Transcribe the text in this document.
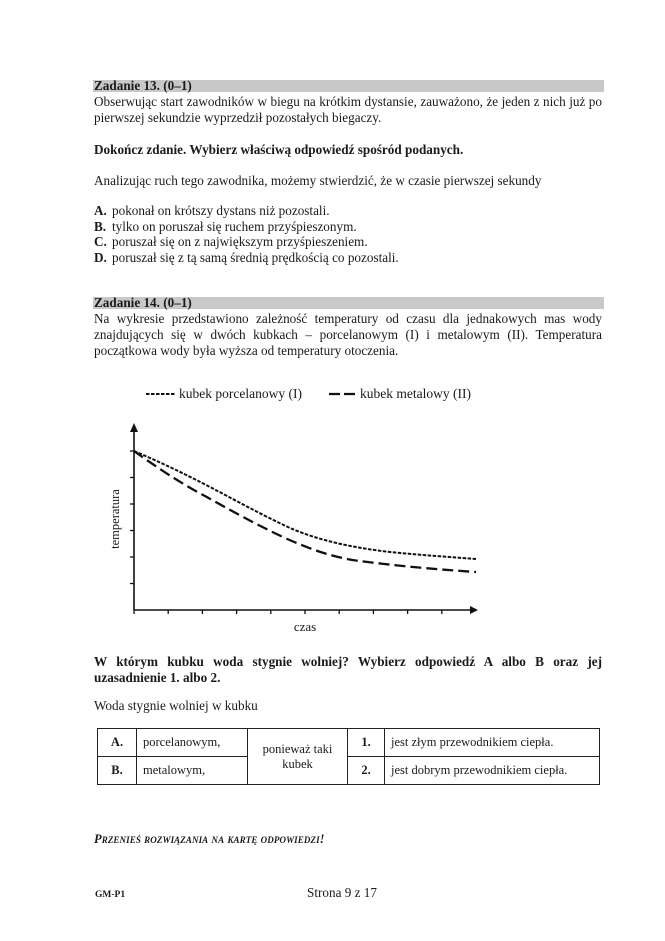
Zadanie 13. (0–1)
Obserwując start zawodników w biegu na krótkim dystansie, zauważono, że jeden z nich już po pierwszej sekundzie wyprzedził pozostałych biegaczy.
Dokończ zdanie. Wybierz właściwą odpowiedź spośród podanych.
Analizując ruch tego zawodnika, możemy stwierdzić, że w czasie pierwszej sekundy
A. pokonał on krótszy dystans niż pozostali.
B. tylko on poruszał się ruchem przyśpieszonym.
C. poruszał się on z największym przyśpieszeniem.
D. poruszał się z tą samą średnią prędkością co pozostali.
Zadanie 14. (0–1)
Na wykresie przedstawiono zależność temperatury od czasu dla jednakowych mas wody znajdujących się w dwóch kubkach – porcelanowym (I) i metalowym (II). Temperatura początkowa wody była wyższa od temperatury otoczenia.
kubek porcelanowy (I)	kubek metalowy (II)
temperatura
czas
W którym kubku woda stygnie wolniej? Wybierz odpowiedź A albo B oraz jej uzasadnienie 1. albo 2.
Woda stygnie wolniej w kubku
A.	porcelanowym,	ponieważ taki kubek	1.	jest złym przewodnikiem ciepła.
B.	metalowym,		2.	jest dobrym przewodnikiem ciepła.
Przenieś rozwiązania na kartę odpowiedzi!
GM-P1	Strona 9 z 17
